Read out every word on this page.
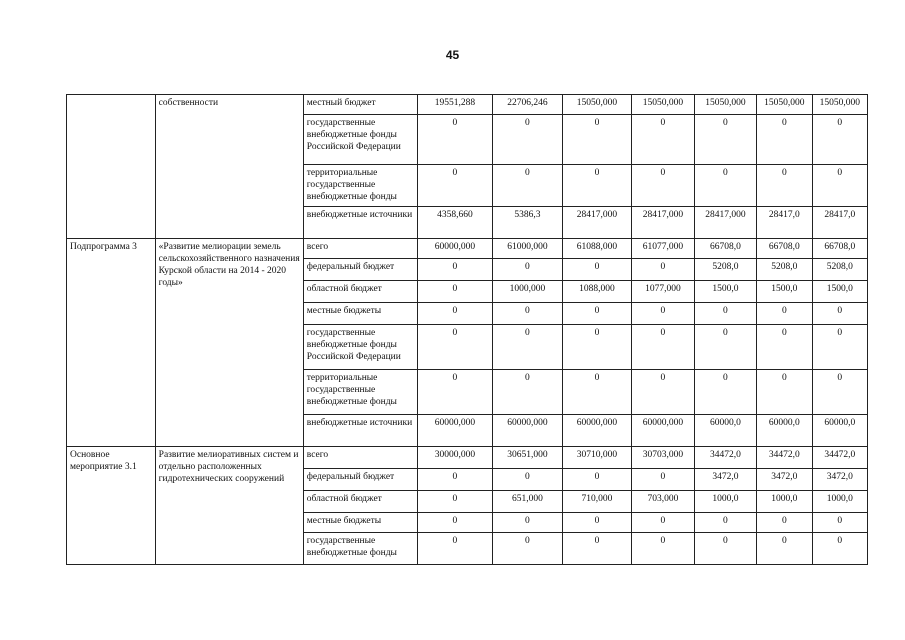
45
	собственности	местный бюджет	19551,288	22706,246	15050,000	15050,000	15050,000	15050,000	15050,000
		государственные внебюджетные фонды Российской Федерации	0	0	0	0	0	0	0
		территориальные государственные внебюджетные фонды	0	0	0	0	0	0	0
		внебюджетные источники	4358,660	5386,3	28417,000	28417,000	28417,000	28417,0	28417,0
Подпрограмма 3	«Развитие мелиорации земель сельскохозяйственного назначения Курской области на 2014 - 2020 годы»	всего	60000,000	61000,000	61088,000	61077,000	66708,0	66708,0	66708,0
		федеральный бюджет	0	0	0	0	5208,0	5208,0	5208,0
		областной бюджет	0	1000,000	1088,000	1077,000	1500,0	1500,0	1500,0
		местные бюджеты	0	0	0	0	0	0	0
		государственные внебюджетные фонды Российской Федерации	0	0	0	0	0	0	0
		территориальные государственные внебюджетные фонды	0	0	0	0	0	0	0
		внебюджетные источники	60000,000	60000,000	60000,000	60000,000	60000,0	60000,0	60000,0
Основное мероприятие 3.1	Развитие мелиоративных систем и отдельно расположенных гидротехнических сооружений	всего	30000,000	30651,000	30710,000	30703,000	34472,0	34472,0	34472,0
		федеральный бюджет	0	0	0	0	3472,0	3472,0	3472,0
		областной бюджет	0	651,000	710,000	703,000	1000,0	1000,0	1000,0
		местные бюджеты	0	0	0	0	0	0	0
		государственные внебюджетные фонды	0	0	0	0	0	0	0
